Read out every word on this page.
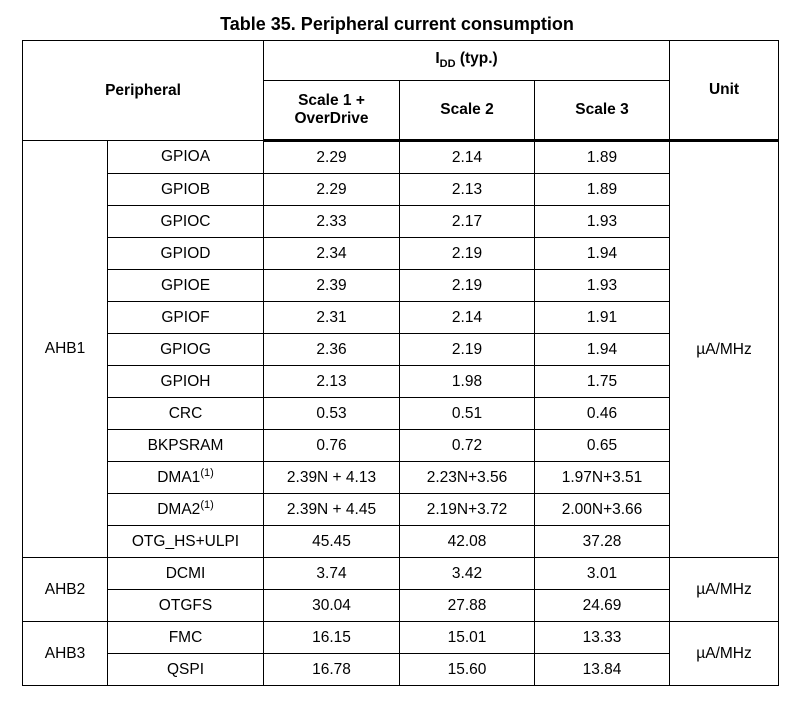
Table 35. Peripheral current consumption
Peripheral		$I_{DD}$ (typ.)			Unit
		Scale 1 +
OverDrive	Scale 2	Scale 3	
AHB1	GPIOA	2.29	2.14	1.89	µA/MHz
	GPIOB	2.29	2.13	1.89	
	GPIOC	2.33	2.17	1.93	
	GPIOD	2.34	2.19	1.94	
	GPIOE	2.39	2.19	1.93	
	GPIOF	2.31	2.14	1.91	
	GPIOG	2.36	2.19	1.94	
	GPIOH	2.13	1.98	1.75	
	CRC	0.53	0.51	0.46	
	BKPSRAM	0.76	0.72	0.65	
	DMA1$^{(1)}$	2.39N + 4.13	2.23N+3.56	1.97N+3.51	
	DMA2$^{(1)}$	2.39N + 4.45	2.19N+3.72	2.00N+3.66	
	OTG_HS+ULPI	45.45	42.08	37.28	
AHB2	DCMI	3.74	3.42	3.01	µA/MHz
	OTGFS	30.04	27.88	24.69	
AHB3	FMC	16.15	15.01	13.33	µA/MHz
	QSPI	16.78	15.60	13.84	
